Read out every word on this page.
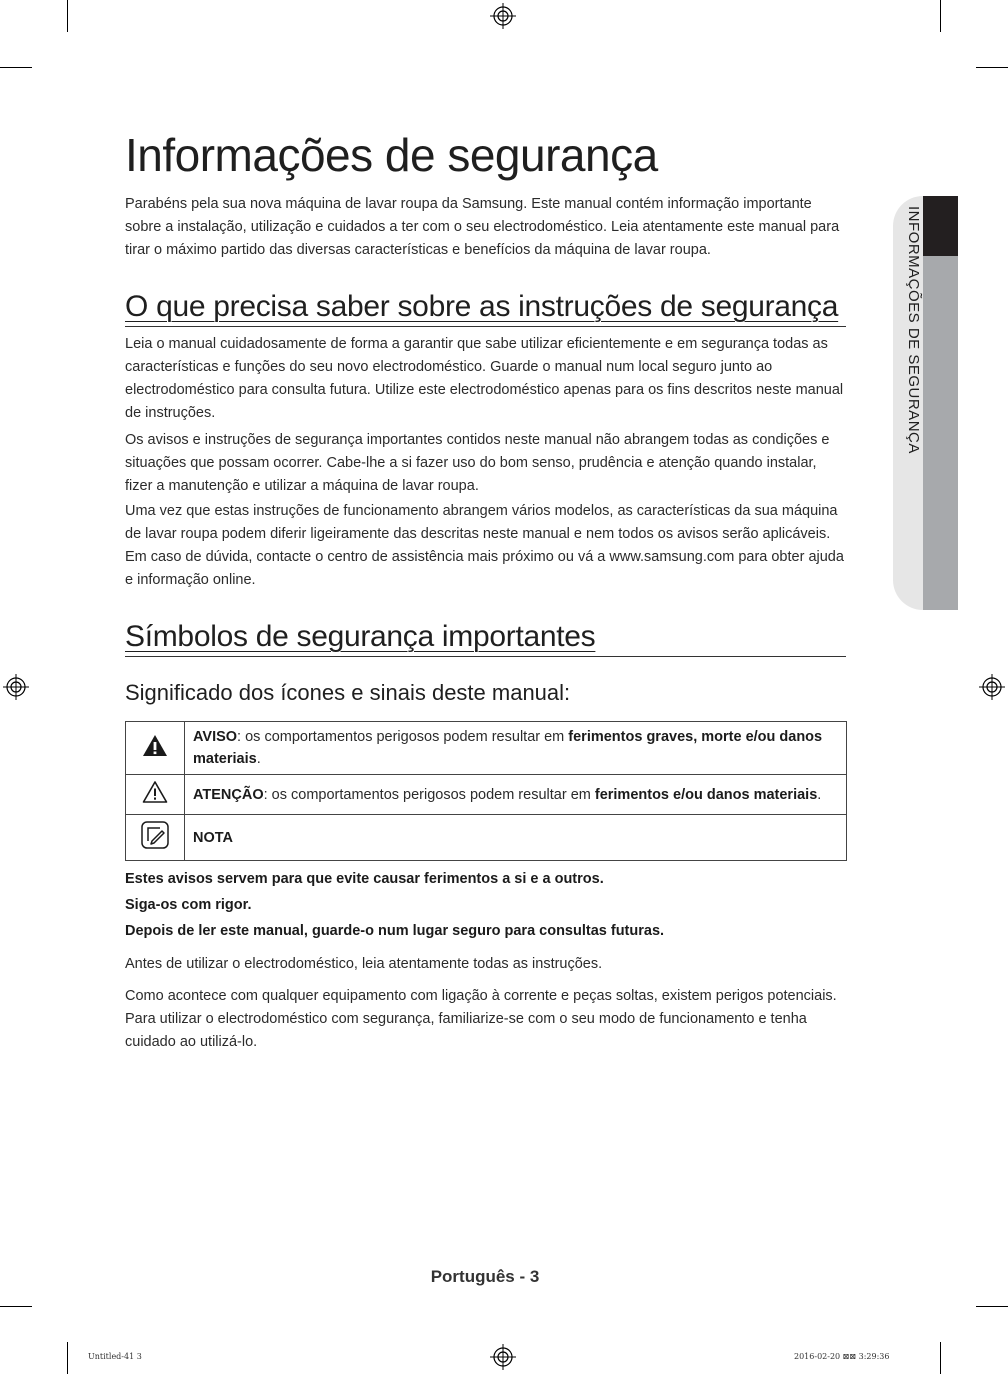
INFORMAÇÕES DE SEGURANÇA
Informações de segurança

Parabéns pela sua nova máquina de lavar roupa da Samsung. Este manual contém informação importante sobre a instalação, utilização e cuidados a ter com o seu electrodoméstico. Leia atentamente este manual para tirar o máximo partido das diversas características e benefícios da máquina de lavar roupa.

O que precisa saber sobre as instruções de segurança

Leia o manual cuidadosamente de forma a garantir que sabe utilizar eficientemente e em segurança todas as características e funções do seu novo electrodoméstico. Guarde o manual num local seguro junto ao electrodoméstico para consulta futura. Utilize este electrodoméstico apenas para os fins descritos neste manual de instruções.

Os avisos e instruções de segurança importantes contidos neste manual não abrangem todas as condições e situações que possam ocorrer. Cabe-lhe a si fazer uso do bom senso, prudência e atenção quando instalar, fizer a manutenção e utilizar a máquina de lavar roupa.

Uma vez que estas instruções de funcionamento abrangem vários modelos, as características da sua máquina de lavar roupa podem diferir ligeiramente das descritas neste manual e nem todos os avisos serão aplicáveis. Em caso de dúvida, contacte o centro de assistência mais próximo ou vá a www.samsung.com para obter ajuda e informação online.

Símbolos de segurança importantes
Significado dos ícones e sinais deste manual:
	AVISO: os comportamentos perigosos podem resultar em ferimentos graves, morte e/ou danos materiais.
	ATENÇÃO: os comportamentos perigosos podem resultar em ferimentos e/ou danos materiais.
	NOTA

Estes avisos servem para que evite causar ferimentos a si e a outros.

Siga-os com rigor.

Depois de ler este manual, guarde-o num lugar seguro para consultas futuras.

Antes de utilizar o electrodoméstico, leia atentamente todas as instruções.

Como acontece com qualquer equipamento com ligação à corrente e peças soltas, existem perigos potenciais. Para utilizar o electrodoméstico com segurança, familiarize-se com o seu modo de funcionamento e tenha cuidado ao utilizá-lo.

Português - 3
Untitled-41 3	2016-02-20 ⊠⊠ 3:29:36
